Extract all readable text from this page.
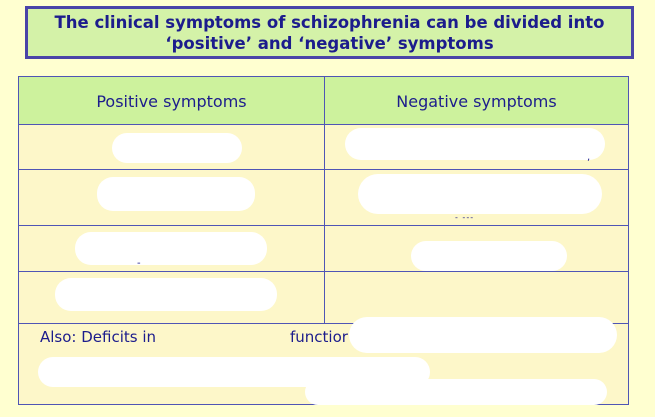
The clinical symptoms of schizophrenia can be divided into
‘positive’ and ‘negative’ symptoms
Positive symptoms	Negative symptoms
,
- ---
-
Also: Deficits in	functior
